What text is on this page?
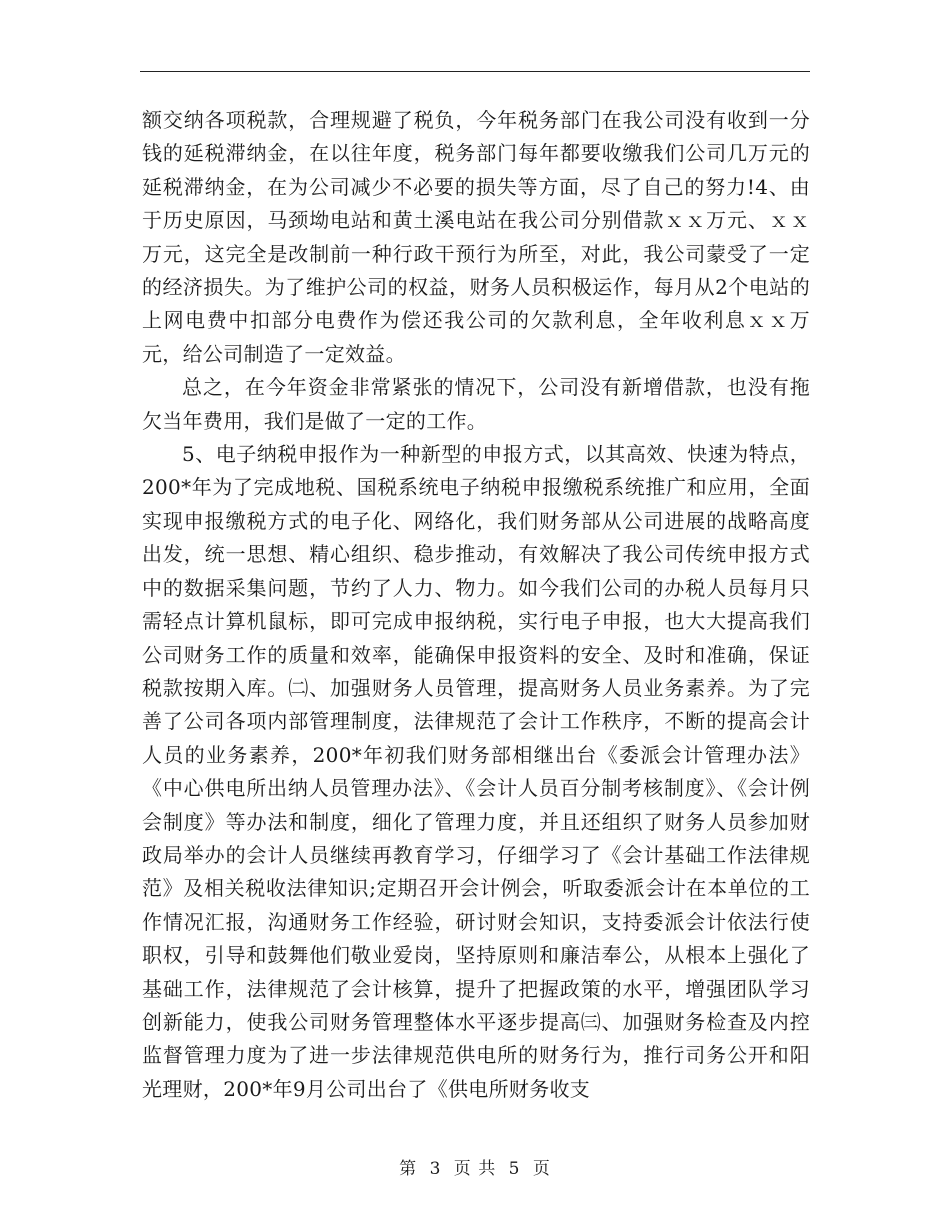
额交纳各项税款，合理规避了税负，今年税务部门在我公司没有收到一分钱的延税滞纳金，在以往年度，税务部门每年都要收缴我们公司几万元的延税滞纳金，在为公司减少不必要的损失等方面，尽了自己的努力!4、由于历史原因，马颈坳电站和黄土溪电站在我公司分别借款ｘｘ万元、ｘｘ万元，这完全是改制前一种行政干预行为所至，对此，我公司蒙受了一定的经济损失。为了维护公司的权益，财务人员积极运作，每月从2个电站的上网电费中扣部分电费作为偿还我公司的欠款利息，全年收利息ｘｘ万元，给公司制造了一定效益。

总之，在今年资金非常紧张的情况下，公司没有新增借款，也没有拖欠当年费用，我们是做了一定的工作。

5、电子纳税申报作为一种新型的申报方式，以其高效、快速为特点，200*年为了完成地税、国税系统电子纳税申报缴税系统推广和应用，全面实现申报缴税方式的电子化、网络化，我们财务部从公司进展的战略高度出发，统一思想、精心组织、稳步推动，有效解决了我公司传统申报方式中的数据采集问题，节约了人力、物力。如今我们公司的办税人员每月只需轻点计算机鼠标，即可完成申报纳税，实行电子申报，也大大提高我们公司财务工作的质量和效率，能确保申报资料的安全、及时和准确，保证税款按期入库。㈡、加强财务人员管理，提高财务人员业务素养。为了完善了公司各项内部管理制度，法律规范了会计工作秩序，不断的提高会计人员的业务素养，200*年初我们财务部相继出台《委派会计管理办法》《中心供电所出纳人员管理办法》、《会计人员百分制考核制度》、《会计例会制度》等办法和制度，细化了管理力度，并且还组织了财务人员参加财政局举办的会计人员继续再教育学习，仔细学习了《会计基础工作法律规范》及相关税收法律知识;定期召开会计例会，听取委派会计在本单位的工作情况汇报，沟通财务工作经验，研讨财会知识，支持委派会计依法行使职权，引导和鼓舞他们敬业爱岗，坚持原则和廉洁奉公，从根本上强化了基础工作，法律规范了会计核算，提升了把握政策的水平，增强团队学习创新能力，使我公司财务管理整体水平逐步提高㈢、加强财务检查及内控监督管理力度为了进一步法律规范供电所的财务行为，推行司务公开和阳光理财，200*年9月公司出台了《供电所财务收支

第 3 页 共 5 页
